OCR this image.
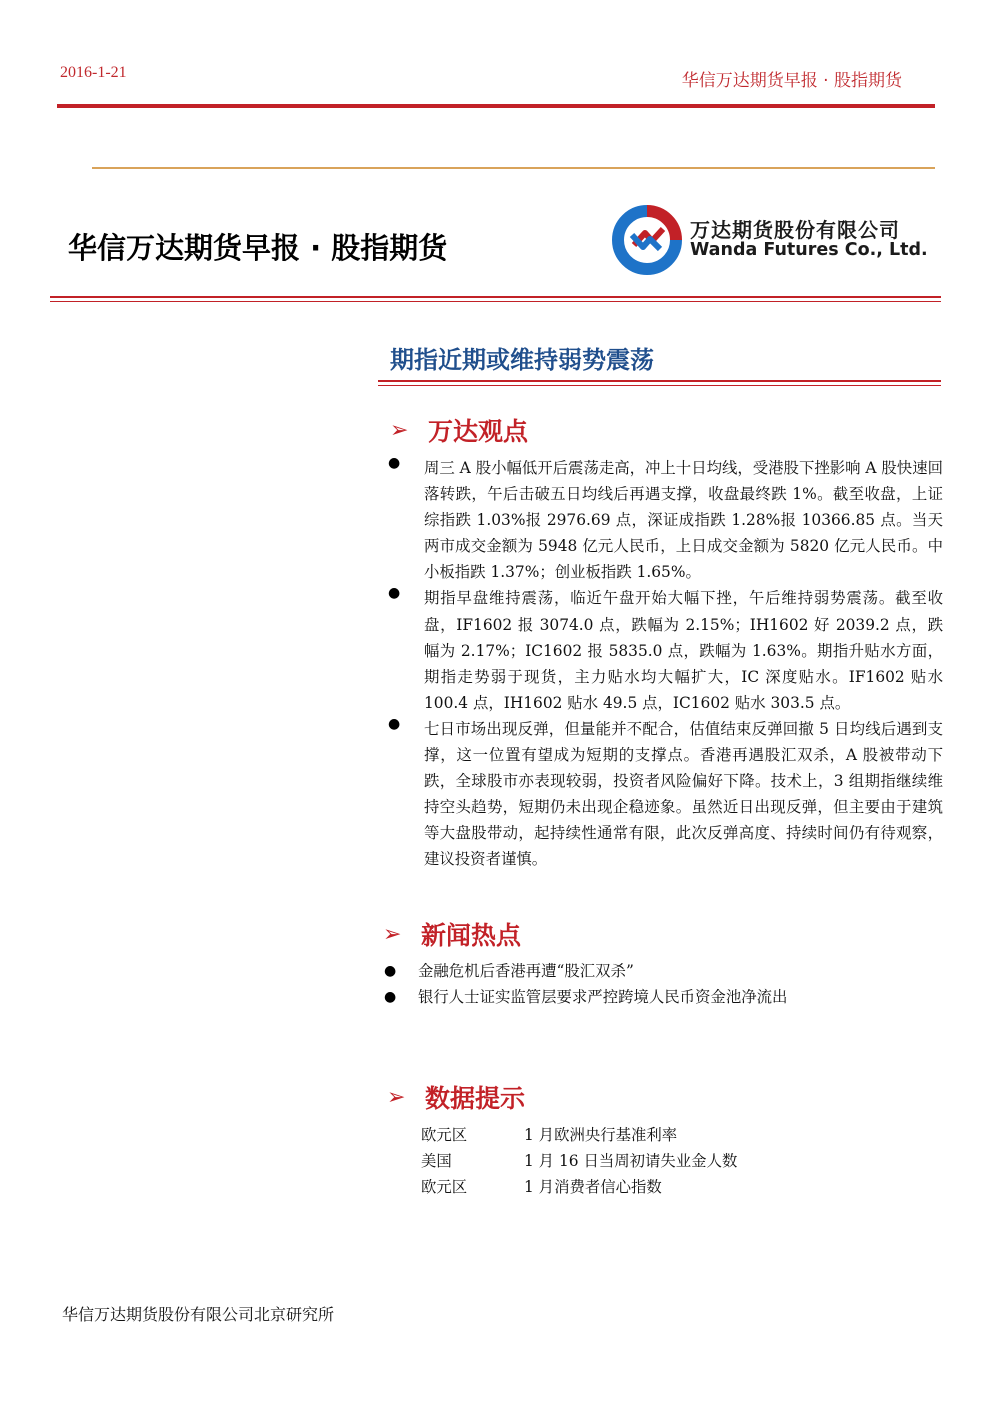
2016-1-21	华信万达期货早报 · 股指期货
华信万达期货早报 · 股指期货
万达期货股份有限公司
Wanda Futures Co., Ltd.
期指近期或维持弱势震荡
➢ 万达观点
● 周三 A 股小幅低开后震荡走高，冲上十日均线，受港股下挫影响 A 股快速回落转跌，午后击破五日均线后再遇支撑，收盘最终跌 1%。截至收盘，上证综指跌 1.03%报 2976.69 点，深证成指跌 1.28%报 10366.85 点。当天两市成交金额为 5948 亿元人民币，上日成交金额为 5820 亿元人民币。中小板指跌 1.37%；创业板指跌 1.65%。

● 期指早盘维持震荡，临近午盘开始大幅下挫，午后维持弱势震荡。截至收盘，IF1602 报 3074.0 点，跌幅为 2.15%；IH1602 好 2039.2 点，跌幅为 2.17%；IC1602 报 5835.0 点，跌幅为 1.63%。期指升贴水方面，期指走势弱于现货，主力贴水均大幅扩大，IC 深度贴水。IF1602 贴水 100.4 点，IH1602 贴水 49.5 点，IC1602 贴水 303.5 点。

● 七日市场出现反弹，但量能并不配合，估值结束反弹回撤 5 日均线后遇到支撑，这一位置有望成为短期的支撑点。香港再遇股汇双杀，A 股被带动下跌，全球股市亦表现较弱，投资者风险偏好下降。技术上，3 组期指继续维持空头趋势，短期仍未出现企稳迹象。虽然近日出现反弹，但主要由于建筑等大盘股带动，起持续性通常有限，此次反弹高度、持续时间仍有待观察，建议投资者谨慎。

➢ 新闻热点
● 金融危机后香港再遭“股汇双杀”
● 银行人士证实监管层要求严控跨境人民币资金池净流出
➢ 数据提示
欧元区	1 月欧洲央行基准利率
美国	1 月 16 日当周初请失业金人数
欧元区	1 月消费者信心指数
华信万达期货股份有限公司北京研究所
